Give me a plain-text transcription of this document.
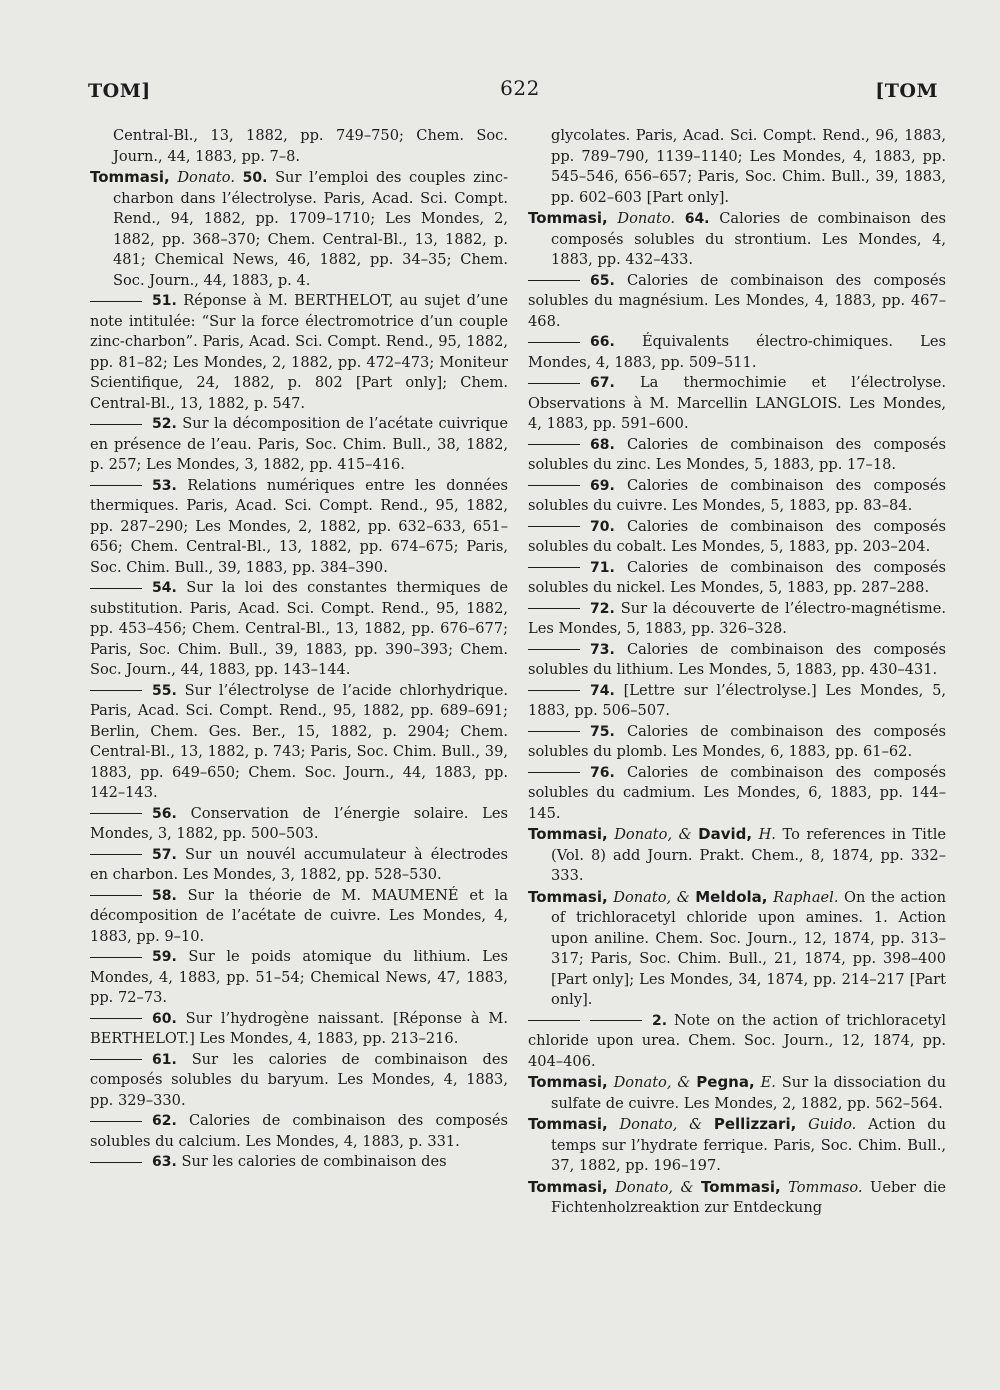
TOM]	622	[TOM

Central-Bl., 13, 1882, pp. 749–750; Chem. Soc. Journ., 44, 1883, pp. 7–8.

Tommasi, Donato. 50. Sur l’emploi des couples zinc-charbon dans l’électrolyse. Paris, Acad. Sci. Compt. Rend., 94, 1882, pp. 1709–1710; Les Mondes, 2, 1882, pp. 368–370; Chem. Central-Bl., 13, 1882, p. 481; Chemical News, 46, 1882, pp. 34–35; Chem. Soc. Journ., 44, 1883, p. 4.

51. Réponse à M. BERTHELOT, au sujet d’une note intitulée: “Sur la force électromotrice d’un couple zinc-charbon”. Paris, Acad. Sci. Compt. Rend., 95, 1882, pp. 81–82; Les Mondes, 2, 1882, pp. 472–473; Moniteur Scientifique, 24, 1882, p. 802 [Part only]; Chem. Central-Bl., 13, 1882, p. 547.

52. Sur la décomposition de l’acétate cuivrique en présence de l’eau. Paris, Soc. Chim. Bull., 38, 1882, p. 257; Les Mondes, 3, 1882, pp. 415–416.

53. Relations numériques entre les données thermiques. Paris, Acad. Sci. Compt. Rend., 95, 1882, pp. 287–290; Les Mondes, 2, 1882, pp. 632–633, 651–656; Chem. Central-Bl., 13, 1882, pp. 674–675; Paris, Soc. Chim. Bull., 39, 1883, pp. 384–390.

54. Sur la loi des constantes thermiques de substitution. Paris, Acad. Sci. Compt. Rend., 95, 1882, pp. 453–456; Chem. Central-Bl., 13, 1882, pp. 676–677; Paris, Soc. Chim. Bull., 39, 1883, pp. 390–393; Chem. Soc. Journ., 44, 1883, pp. 143–144.

55. Sur l’électrolyse de l’acide chlorhydrique. Paris, Acad. Sci. Compt. Rend., 95, 1882, pp. 689–691; Berlin, Chem. Ges. Ber., 15, 1882, p. 2904; Chem. Central-Bl., 13, 1882, p. 743; Paris, Soc. Chim. Bull., 39, 1883, pp. 649–650; Chem. Soc. Journ., 44, 1883, pp. 142–143.

56. Conservation de l’énergie solaire. Les Mondes, 3, 1882, pp. 500–503.

57. Sur un nouvél accumulateur à électrodes en charbon. Les Mondes, 3, 1882, pp. 528–530.

58. Sur la théorie de M. MAUMENÉ et la décomposition de l’acétate de cuivre. Les Mondes, 4, 1883, pp. 9–10.

59. Sur le poids atomique du lithium. Les Mondes, 4, 1883, pp. 51–54; Chemical News, 47, 1883, pp. 72–73.

60. Sur l’hydrogène naissant. [Réponse à M. BERTHELOT.] Les Mondes, 4, 1883, pp. 213–216.

61. Sur les calories de combinaison des composés solubles du baryum. Les Mondes, 4, 1883, pp. 329–330.

62. Calories de combinaison des composés solubles du calcium. Les Mondes, 4, 1883, p. 331.

63. Sur les calories de combinaison des

glycolates. Paris, Acad. Sci. Compt. Rend., 96, 1883, pp. 789–790, 1139–1140; Les Mondes, 4, 1883, pp. 545–546, 656–657; Paris, Soc. Chim. Bull., 39, 1883, pp. 602–603 [Part only].

Tommasi, Donato. 64. Calories de combinaison des composés solubles du strontium. Les Mondes, 4, 1883, pp. 432–433.

65. Calories de combinaison des composés solubles du magnésium. Les Mondes, 4, 1883, pp. 467–468.

66. Équivalents électro-chimiques. Les Mondes, 4, 1883, pp. 509–511.

67. La thermochimie et l’électrolyse. Observations à M. Marcellin LANGLOIS. Les Mondes, 4, 1883, pp. 591–600.

68. Calories de combinaison des composés solubles du zinc. Les Mondes, 5, 1883, pp. 17–18.

69. Calories de combinaison des composés solubles du cuivre. Les Mondes, 5, 1883, pp. 83–84.

70. Calories de combinaison des composés solubles du cobalt. Les Mondes, 5, 1883, pp. 203–204.

71. Calories de combinaison des composés solubles du nickel. Les Mondes, 5, 1883, pp. 287–288.

72. Sur la découverte de l’électro-magnétisme. Les Mondes, 5, 1883, pp. 326–328.

73. Calories de combinaison des composés solubles du lithium. Les Mondes, 5, 1883, pp. 430–431.

74. [Lettre sur l’électrolyse.] Les Mondes, 5, 1883, pp. 506–507.

75. Calories de combinaison des composés solubles du plomb. Les Mondes, 6, 1883, pp. 61–62.

76. Calories de combinaison des composés solubles du cadmium. Les Mondes, 6, 1883, pp. 144–145.

Tommasi, Donato, & David, H. To references in Title (Vol. 8) add Journ. Prakt. Chem., 8, 1874, pp. 332–333.

Tommasi, Donato, & Meldola, Raphael. On the action of trichloracetyl chloride upon amines. 1. Action upon aniline. Chem. Soc. Journ., 12, 1874, pp. 313–317; Paris, Soc. Chim. Bull., 21, 1874, pp. 398–400 [Part only]; Les Mondes, 34, 1874, pp. 214–217 [Part only].

2. Note on the action of trichloracetyl chloride upon urea. Chem. Soc. Journ., 12, 1874, pp. 404–406.

Tommasi, Donato, & Pegna, E. Sur la dissociation du sulfate de cuivre. Les Mondes, 2, 1882, pp. 562–564.

Tommasi, Donato, & Pellizzari, Guido. Action du temps sur l’hydrate ferrique. Paris, Soc. Chim. Bull., 37, 1882, pp. 196–197.

Tommasi, Donato, & Tommasi, Tommaso. Ueber die Fichtenholzreaktion zur Entdeckung
